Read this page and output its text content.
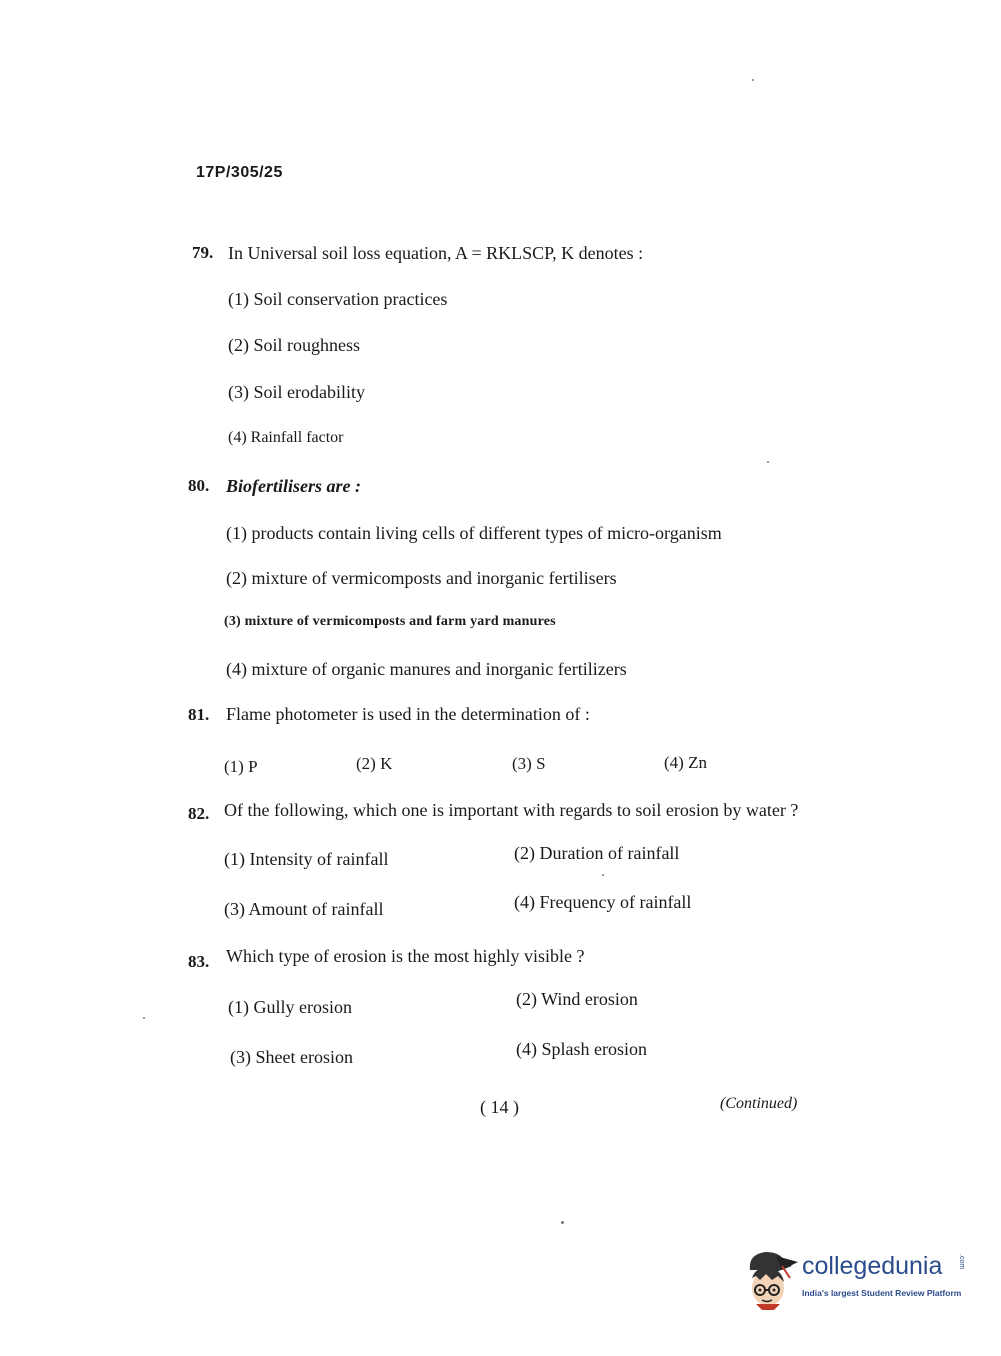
17P/305/25
79. In Universal soil loss equation, A = RKLSCP, K denotes :
(1) Soil conservation practices
(2) Soil roughness
(3) Soil erodability
(4) Rainfall factor
80. Biofertilisers are :
(1) products contain living cells of different types of micro-organism
(2) mixture of vermicomposts and inorganic fertilisers
(3) mixture of vermicomposts and farm yard manures
(4) mixture of organic manures and inorganic fertilizers
81. Flame photometer is used in the determination of :
(1) P	(2) K	(3) S	(4) Zn
82. Of the following, which one is important with regards to soil erosion by water ?
(1) Intensity of rainfall	(2) Duration of rainfall
(3) Amount of rainfall	(4) Frequency of rainfall
83. Which type of erosion is the most highly visible ?
(1) Gully erosion	(2) Wind erosion
(3) Sheet erosion	(4) Splash erosion
( 14 )	(Continued)
collegedunia .com
India's largest Student Review Platform
